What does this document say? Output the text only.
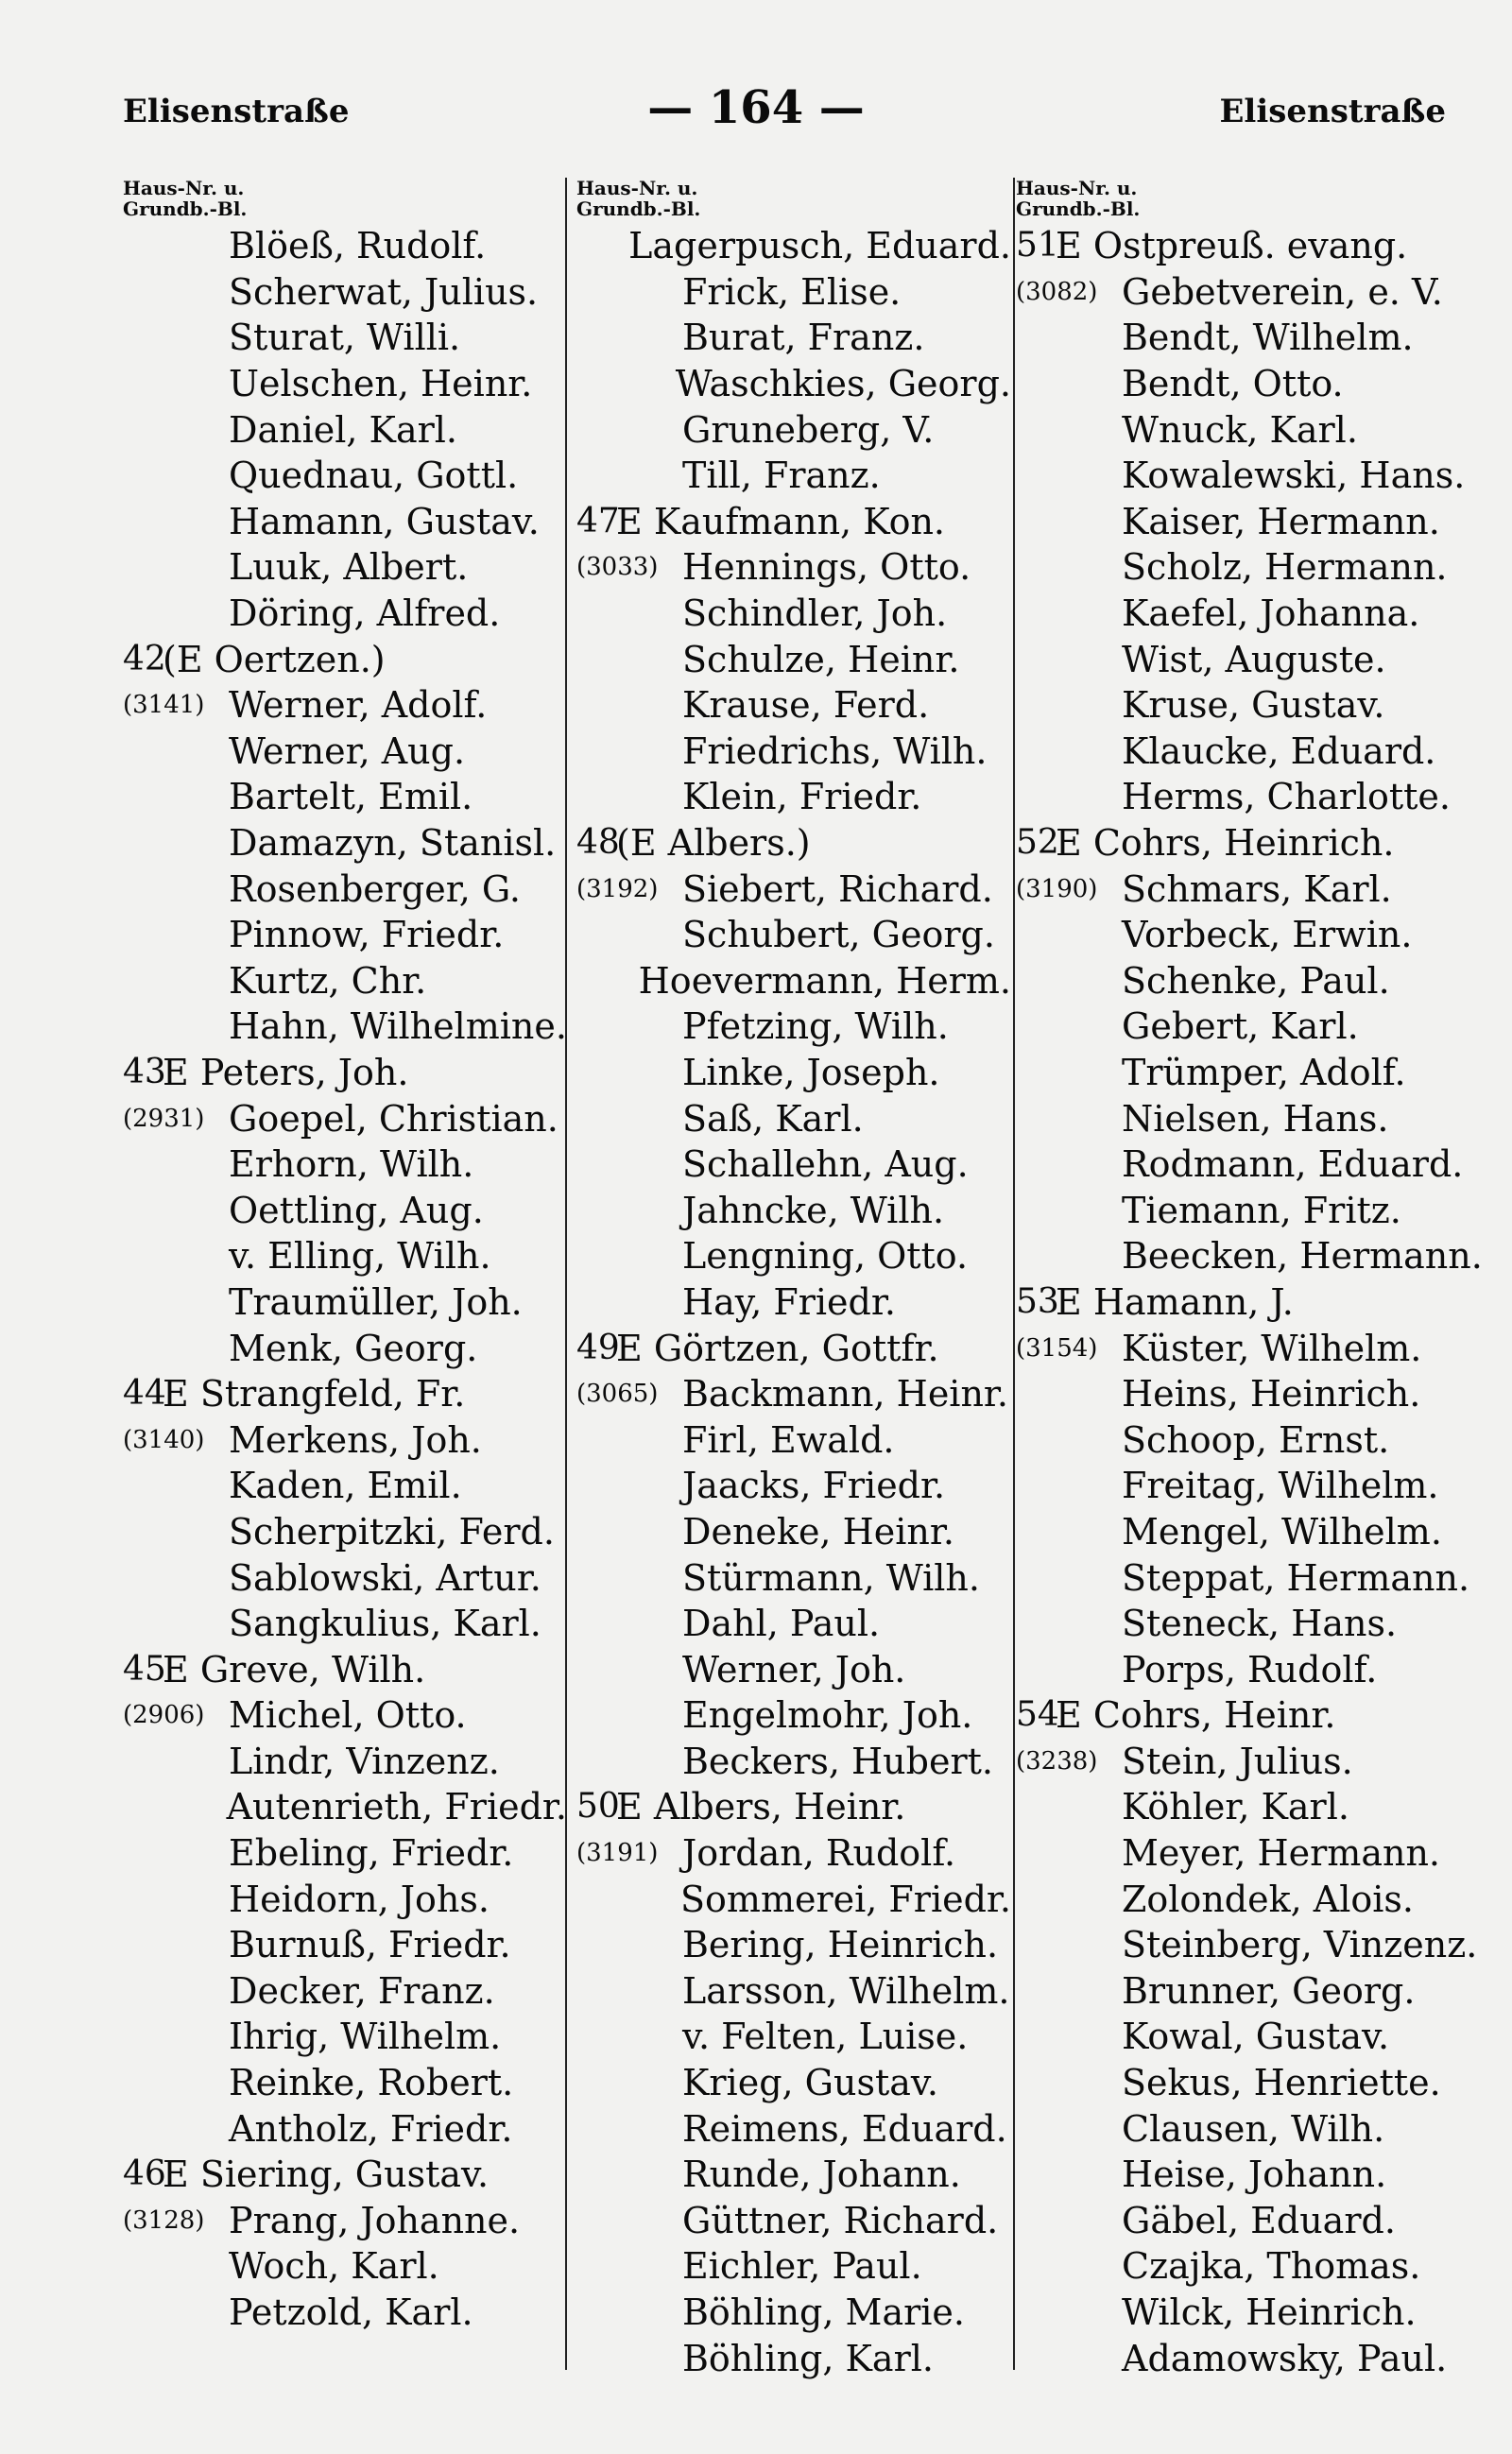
Elisenstraße	— 164 —	Elisenstraße
Haus-Nr. u.
Grundb.-Bl.
Blöeß, Rudolf.
Scherwat, Julius.
Sturat, Willi.
Uelschen, Heinr.
Daniel, Karl.
Quednau, Gottl.
Hamann, Gustav.
Luuk, Albert.
Döring, Alfred.
42
(E Oertzen.)
(3141) Werner, Adolf.
Werner, Aug.
Bartelt, Emil.
Damazyn, Stanisl.
Rosenberger, G.
Pinnow, Friedr.
Kurtz, Chr.
Hahn, Wilhelmine.
43
E Peters, Joh.
(2931) Goepel, Christian.
Erhorn, Wilh.
Oettling, Aug.
v. Elling, Wilh.
Traumüller, Joh.
Menk, Georg.
44
E Strangfeld, Fr.
(3140) Merkens, Joh.
Kaden, Emil.
Scherpitzki, Ferd.
Sablowski, Artur.
Sangkulius, Karl.
45
E Greve, Wilh.
(2906) Michel, Otto.
Lindr, Vinzenz.
Autenrieth, Friedr.
Ebeling, Friedr.
Heidorn, Johs.
Burnuß, Friedr.
Decker, Franz.
Ihrig, Wilhelm.
Reinke, Robert.
Antholz, Friedr.
46
E Siering, Gustav.
(3128) Prang, Johanne.
Woch, Karl.
Petzold, Karl.
Haus-Nr. u.
Grundb.-Bl.
Lagerpusch, Eduard.
Frick, Elise.
Burat, Franz.
Waschkies, Georg.
Gruneberg, V.
Till, Franz.
47
E Kaufmann, Kon.
(3033) Hennings, Otto.
Schindler, Joh.
Schulze, Heinr.
Krause, Ferd.
Friedrichs, Wilh.
Klein, Friedr.
48
(E Albers.)
(3192) Siebert, Richard.
Schubert, Georg.
Hoevermann, Herm.
Pfetzing, Wilh.
Linke, Joseph.
Saß, Karl.
Schallehn, Aug.
Jahncke, Wilh.
Lengning, Otto.
Hay, Friedr.
49
E Görtzen, Gottfr.
(3065) Backmann, Heinr.
Firl, Ewald.
Jaacks, Friedr.
Deneke, Heinr.
Stürmann, Wilh.
Dahl, Paul.
Werner, Joh.
Engelmohr, Joh.
Beckers, Hubert.
50
E Albers, Heinr.
(3191) Jordan, Rudolf.
Sommerei, Friedr.
Bering, Heinrich.
Larsson, Wilhelm.
v. Felten, Luise.
Krieg, Gustav.
Reimens, Eduard.
Runde, Johann.
Güttner, Richard.
Eichler, Paul.
Böhling, Marie.
Böhling, Karl.
Haus-Nr. u.
Grundb.-Bl.
51
E Ostpreuß. evang.
(3082) Gebetverein, e. V.
Bendt, Wilhelm.
Bendt, Otto.
Wnuck, Karl.
Kowalewski, Hans.
Kaiser, Hermann.
Scholz, Hermann.
Kaefel, Johanna.
Wist, Auguste.
Kruse, Gustav.
Klaucke, Eduard.
Herms, Charlotte.
52
E Cohrs, Heinrich.
(3190) Schmars, Karl.
Vorbeck, Erwin.
Schenke, Paul.
Gebert, Karl.
Trümper, Adolf.
Nielsen, Hans.
Rodmann, Eduard.
Tiemann, Fritz.
Beecken, Hermann.
53
E Hamann, J.
(3154) Küster, Wilhelm.
Heins, Heinrich.
Schoop, Ernst.
Freitag, Wilhelm.
Mengel, Wilhelm.
Steppat, Hermann.
Steneck, Hans.
Porps, Rudolf.
54
E Cohrs, Heinr.
(3238) Stein, Julius.
Köhler, Karl.
Meyer, Hermann.
Zolondek, Alois.
Steinberg, Vinzenz.
Brunner, Georg.
Kowal, Gustav.
Sekus, Henriette.
Clausen, Wilh.
Heise, Johann.
Gäbel, Eduard.
Czajka, Thomas.
Wilck, Heinrich.
Adamowsky, Paul.
